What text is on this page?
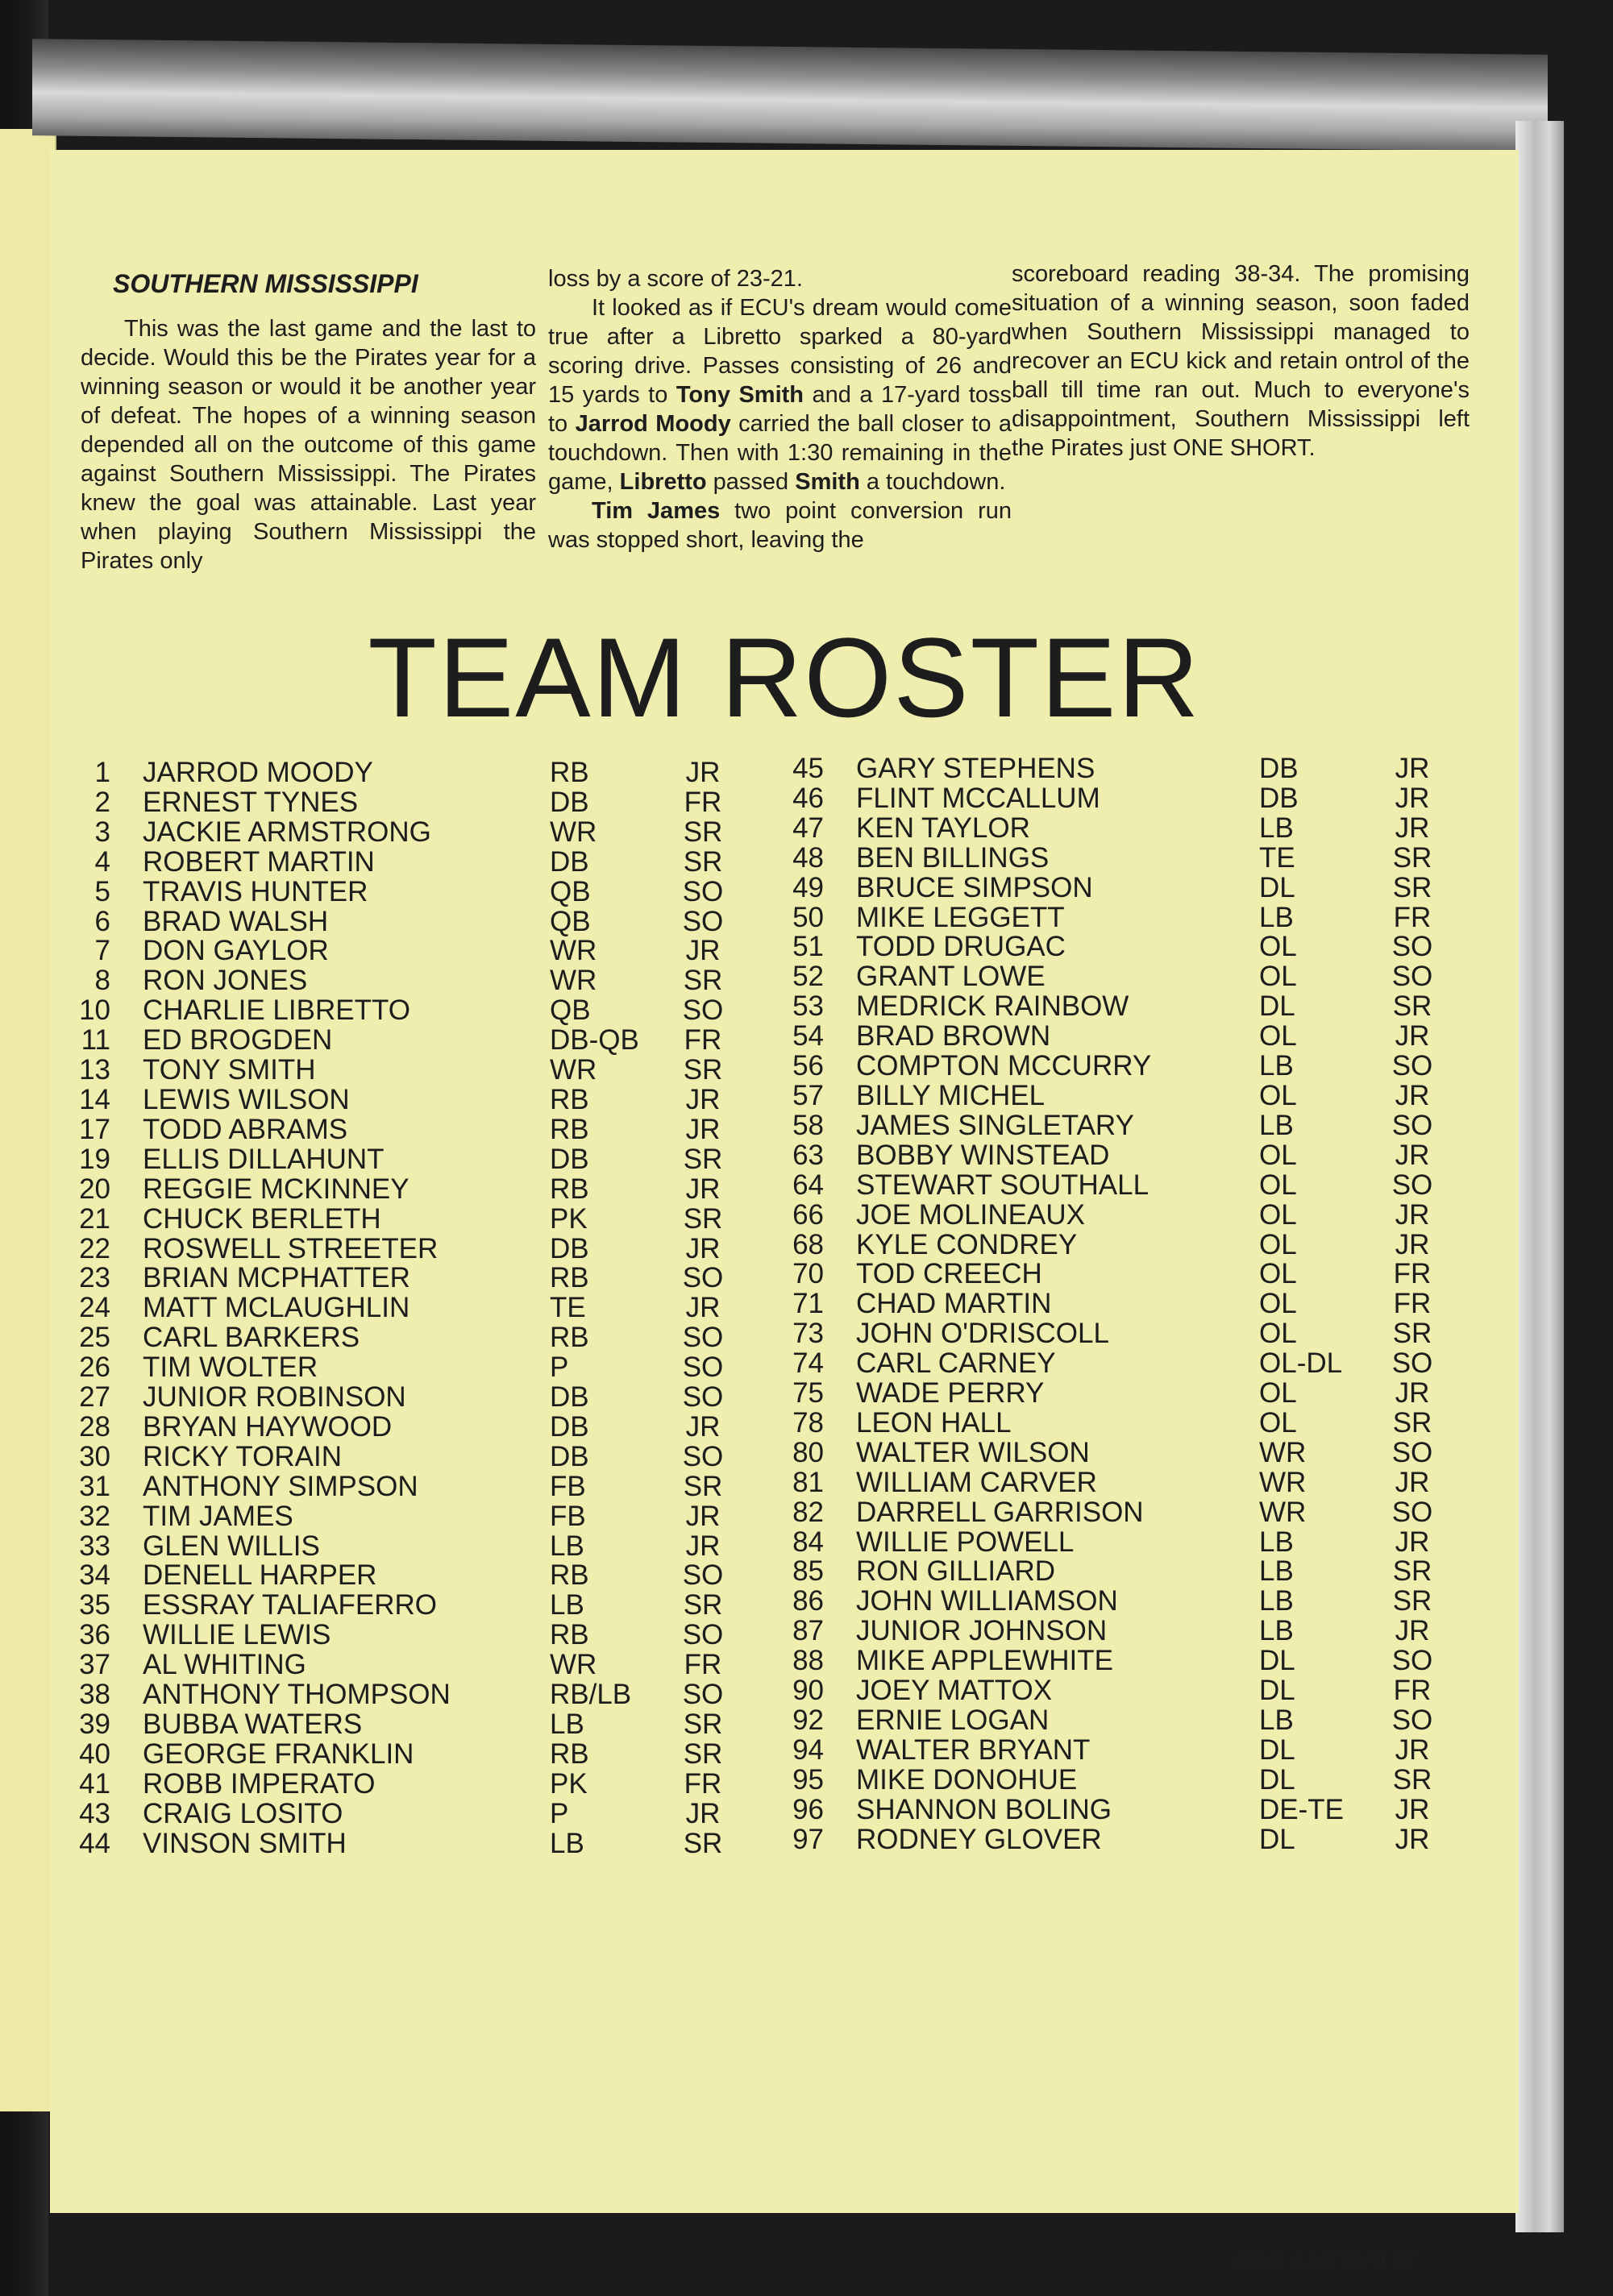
SOUTHERN MISSISSIPPI

This was the last game and the last to decide. Would this be the Pirates year for a winning season or would it be another year of defeat. The hopes of a winning season depended all on the outcome of this game against Southern Mississippi. The Pirates knew the goal was attainable. Last year when playing Southern Mississippi the Pirates only

loss by a score of 23-21.

It looked as if ECU's dream would come true after a Libretto sparked a 80-yard scoring drive. Passes consisting of 26 and 15 yards to Tony Smith and a 17-yard toss to Jarrod Moody carried the ball closer to a touchdown. Then with 1:30 remaining in the game, Libretto passed Smith a touchdown.

Tim James two point conversion run was stopped short, leaving the

scoreboard reading 38-34. The promising situation of a winning season, soon faded when Southern Mississippi managed to recover an ECU kick and retain ontrol of the ball till time ran out. Much to everyone's disappointment, Southern Mississippi left the Pirates just ONE SHORT.

TEAM ROSTER
1 JARROD MOODY	RB	JR
2 ERNEST TYNES	DB	FR
3 JACKIE ARMSTRONG	WR	SR
4 ROBERT MARTIN	DB	SR
5 TRAVIS HUNTER	QB	SO
6 BRAD WALSH	QB	SO
7 DON GAYLOR	WR	JR
8 RON JONES	WR	SR
10 CHARLIE LIBRETTO	QB	SO
11 ED BROGDEN	DB-QB	FR
13 TONY SMITH	WR	SR
14 LEWIS WILSON	RB	JR
17 TODD ABRAMS	RB	JR
19 ELLIS DILLAHUNT	DB	SR
20 REGGIE MCKINNEY	RB	JR
21 CHUCK BERLETH	PK	SR
22 ROSWELL STREETER	DB	JR
23 BRIAN MCPHATTER	RB	SO
24 MATT MCLAUGHLIN	TE	JR
25 CARL BARKERS	RB	SO
26 TIM WOLTER	P	SO
27 JUNIOR ROBINSON	DB	SO
28 BRYAN HAYWOOD	DB	JR
30 RICKY TORAIN	DB	SO
31 ANTHONY SIMPSON	FB	SR
32 TIM JAMES	FB	JR
33 GLEN WILLIS	LB	JR
34 DENELL HARPER	RB	SO
35 ESSRAY TALIAFERRO	LB	SR
36 WILLIE LEWIS	RB	SO
37 AL WHITING	WR	FR
38 ANTHONY THOMPSON	RB/LB	SO
39 BUBBA WATERS	LB	SR
40 GEORGE FRANKLIN	RB	SR
41 ROBB IMPERATO	PK	FR
43 CRAIG LOSITO	P	JR
44 VINSON SMITH	LB	SR
45 GARY STEPHENS	DB	JR
46 FLINT MCCALLUM	DB	JR
47 KEN TAYLOR	LB	JR
48 BEN BILLINGS	TE	SR
49 BRUCE SIMPSON	DL	SR
50 MIKE LEGGETT	LB	FR
51 TODD DRUGAC	OL	SO
52 GRANT LOWE	OL	SO
53 MEDRICK RAINBOW	DL	SR
54 BRAD BROWN	OL	JR
56 COMPTON MCCURRY	LB	SO
57 BILLY MICHEL	OL	JR
58 JAMES SINGLETARY	LB	SO
63 BOBBY WINSTEAD	OL	JR
64 STEWART SOUTHALL	OL	SO
66 JOE MOLINEAUX	OL	JR
68 KYLE CONDREY	OL	JR
70 TOD CREECH	OL	FR
71 CHAD MARTIN	OL	FR
73 JOHN O'DRISCOLL	OL	SR
74 CARL CARNEY	OL-DL	SO
75 WADE PERRY	OL	JR
78 LEON HALL	OL	SR
80 WALTER WILSON	WR	SO
81 WILLIAM CARVER	WR	JR
82 DARRELL GARRISON	WR	SO
84 WILLIE POWELL	LB	JR
85 RON GILLIARD	LB	SR
86 JOHN WILLIAMSON	LB	SR
87 JUNIOR JOHNSON	LB	JR
88 MIKE APPLEWHITE	DL	SO
90 JOEY MATTOX	DL	FR
92 ERNIE LOGAN	LB	SO
94 WALTER BRYANT	DL	JR
95 MIKE DONOHUE	DL	SR
96 SHANNON BOLING	DE-TE	JR
97 RODNEY GLOVER	DL	JR
MAR SARTARI 97
